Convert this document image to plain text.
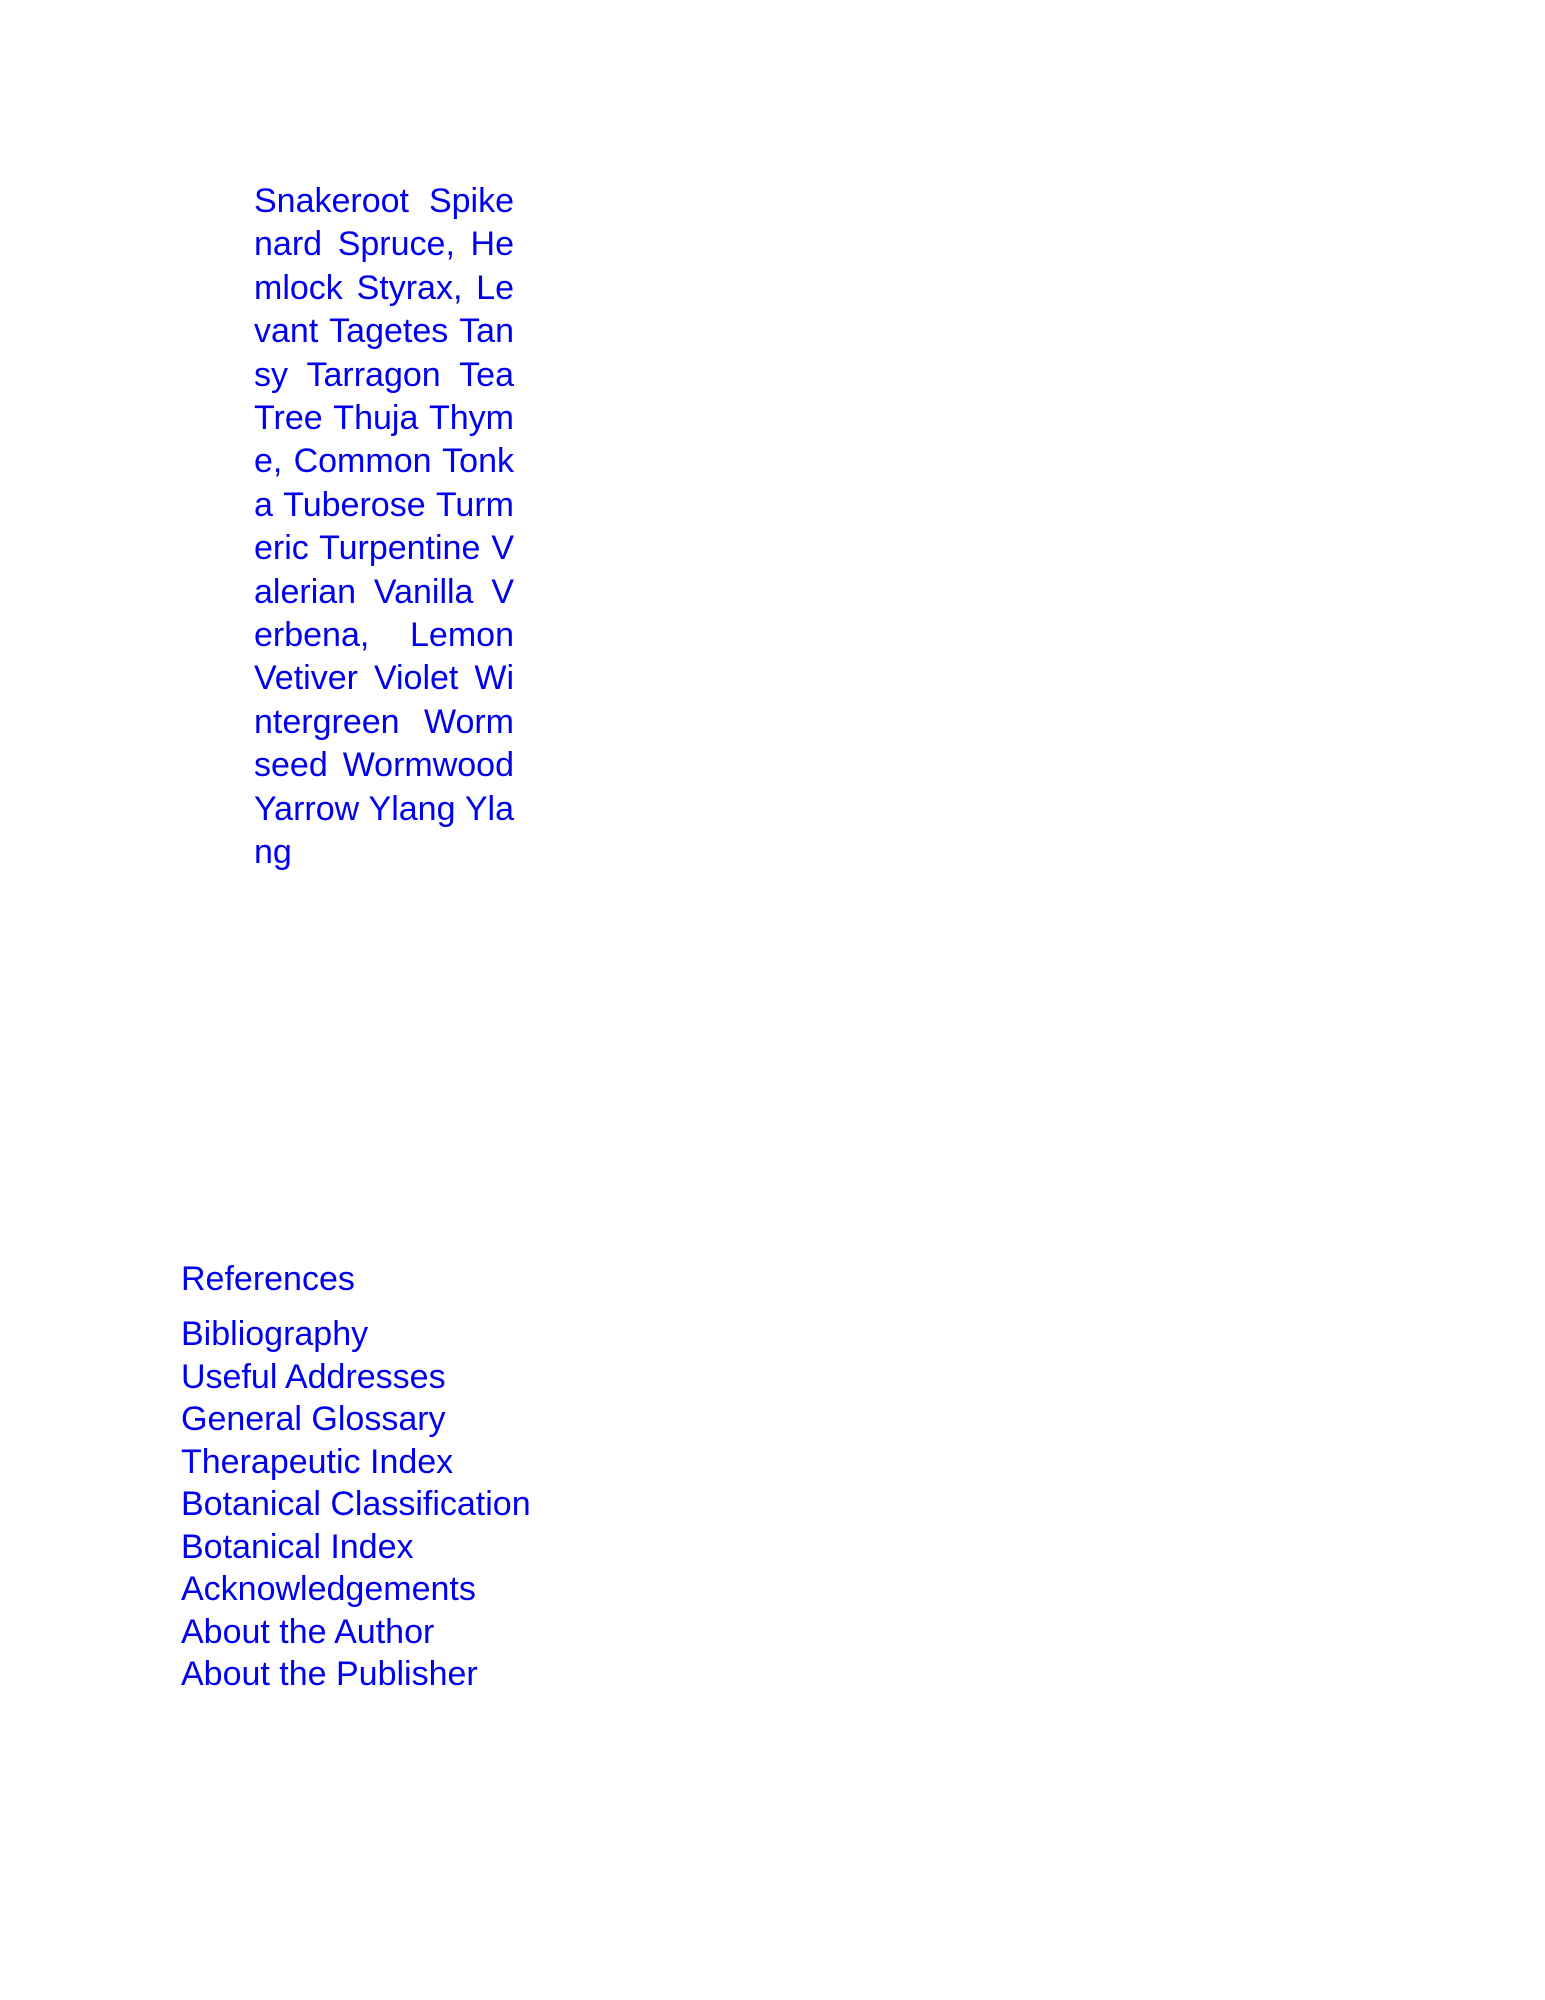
Snakeroot Spikenard Spruce, Hemlock Styrax, Levant Tagetes Tansy Tarragon Tea Tree Thuja Thyme, Common Tonka Tuberose Turmeric Turpentine Valerian Vanilla Verbena, Lemon Vetiver Violet Wintergreen Wormseed Wormwood Yarrow Ylang Ylang

References
Bibliography
Useful Addresses
General Glossary
Therapeutic Index
Botanical Classification
Botanical Index
Acknowledgements
About the Author
About the Publisher
